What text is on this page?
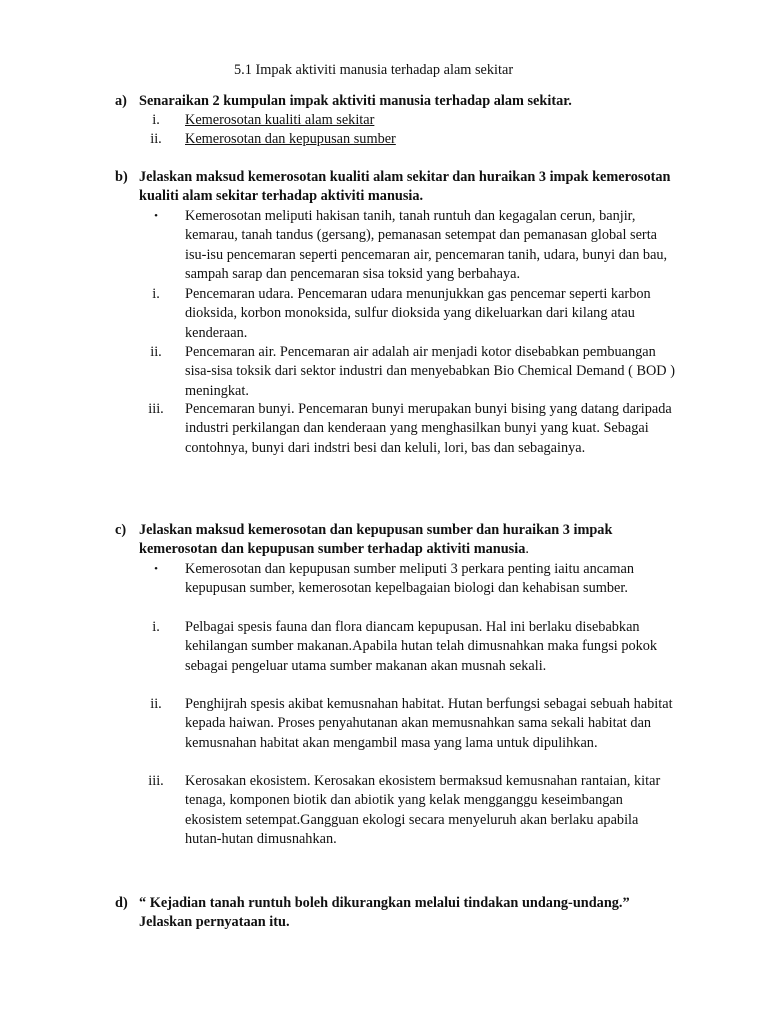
5.1 Impak aktiviti manusia terhadap alam sekitar
a) Senaraikan 2 kumpulan impak aktiviti manusia terhadap alam sekitar.
i.	Kemerosotan kualiti alam sekitar
ii.	Kemerosotan dan kepupusan sumber
b) Jelaskan maksud kemerosotan kualiti alam sekitar dan huraikan 3 impak kemerosotan kualiti alam sekitar terhadap aktiviti manusia.
•	Kemerosotan meliputi hakisan tanih, tanah runtuh dan kegagalan cerun, banjir, kemarau, tanah tandus (gersang), pemanasan setempat dan pemanasan global serta isu-isu pencemaran seperti pencemaran air, pencemaran tanih, udara, bunyi dan bau, sampah sarap dan pencemaran sisa toksid yang berbahaya.
i.	Pencemaran udara. Pencemaran udara menunjukkan gas pencemar seperti karbon dioksida, korbon monoksida, sulfur dioksida yang dikeluarkan dari kilang atau kenderaan.
ii.	Pencemaran air. Pencemaran air adalah air menjadi kotor disebabkan pembuangan sisa-sisa toksik dari sektor industri dan menyebabkan Bio Chemical Demand ( BOD ) meningkat.
iii.	Pencemaran bunyi. Pencemaran bunyi merupakan bunyi bising yang datang daripada industri perkilangan dan kenderaan yang menghasilkan bunyi yang kuat. Sebagai contohnya, bunyi dari indstri besi dan keluli, lori, bas dan sebagainya.
c) Jelaskan maksud kemerosotan dan kepupusan sumber dan huraikan 3 impak kemerosotan dan kepupusan sumber terhadap aktiviti manusia.
•	Kemerosotan dan kepupusan sumber meliputi 3 perkara penting iaitu ancaman kepupusan sumber, kemerosotan kepelbagaian biologi dan kehabisan sumber.
i.	Pelbagai spesis fauna dan flora diancam kepupusan. Hal ini berlaku disebabkan kehilangan sumber makanan.Apabila hutan telah dimusnahkan maka fungsi pokok sebagai pengeluar utama sumber makanan akan musnah sekali.
ii.	Penghijrah spesis akibat kemusnahan habitat. Hutan berfungsi sebagai sebuah habitat kepada haiwan. Proses penyahutanan akan memusnahkan sama sekali habitat dan kemusnahan habitat akan mengambil masa yang lama untuk dipulihkan.
iii.	Kerosakan ekosistem. Kerosakan ekosistem bermaksud kemusnahan rantaian, kitar tenaga, komponen biotik dan abiotik yang kelak mengganggu keseimbangan ekosistem setempat.Gangguan ekologi secara menyeluruh akan berlaku apabila hutan-hutan dimusnahkan.
d) “ Kejadian tanah runtuh boleh dikurangkan melalui tindakan undang-undang.” Jelaskan pernyataan itu.
